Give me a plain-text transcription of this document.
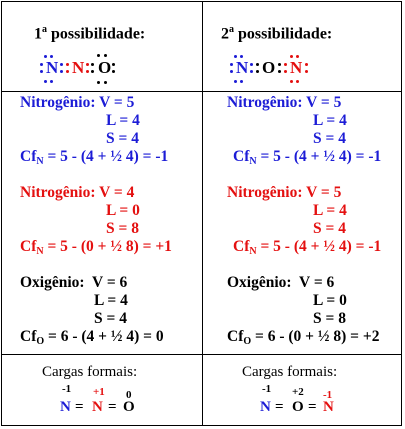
1$^a$ possibilidade:
N N O
Nitrogênio: V = 5
L = 4
S = 4
$Cf_N = 5 - (4$ + ½ 4) = -1
Nitrogênio: V = 4
L = 0
S = 8
$Cf_N = 5 - (0$ + ½ 8) = +1
Oxigênio:  V = 6
L = 4
S = 4
$Cf_O = 6 - (4$ + ½ 4) = 0
Cargas formais:
-1 +1 0
N = N = O
2$^a$ possibilidade:
N O N
Nitrogênio: V = 5
L = 4
S = 4
$Cf_N = 5 - (4$ + ½ 4) = -1
Nitrogênio: V = 5
L = 4
S = 4
$Cf_N = 5 - (4$ + ½ 4) = -1
Oxigênio:  V = 6
L = 0
S = 8
$Cf_O = 6 - (0$ + ½ 8) = +2
Cargas formais:
-1 +2 -1
N = O = N
